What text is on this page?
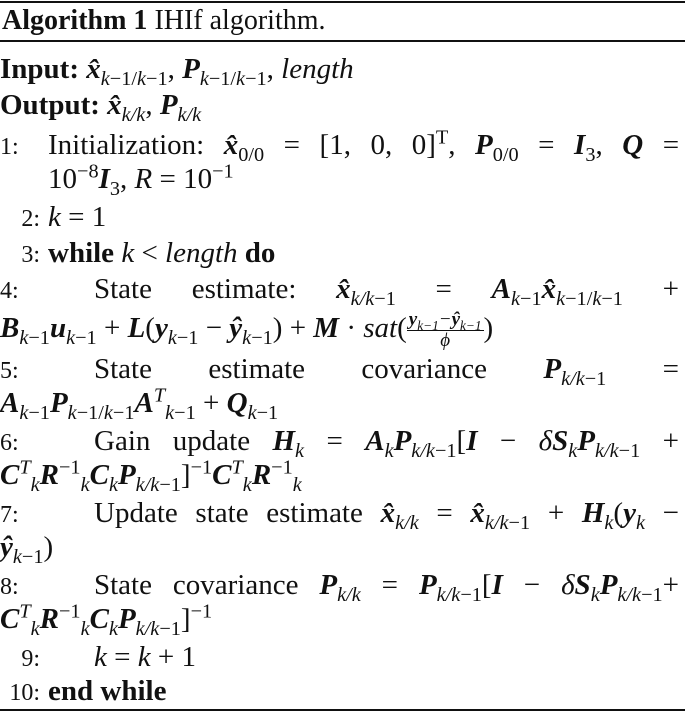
Algorithm 1 IHIf algorithm.
Input: $x̂_{k-1/k-1}$, $P_{k-1/k-1}$, length
Output: $x̂_{k/k}$, $P_{k/k}$
1: Initialization: $x̂_{0/0} = [1$, 0, 0]$^T$, $P_{0/0} = I_3$, Q =
$10^{-8}I_3$, $R = 10^{-1}$
2: k = 1
3: while k < length do
4:	State estimate: $x̂_{k/k-1}$ = $A_{k-1}x̂_{k-1/k-1}$ +
$B_{k-1}u_{k-1} + L(y_{k-1}$ − $ŷ_{k-1}) + M \cdot sat( \frac{y_{k-1}-ŷ_{k-1}}{\phi}$ )
5:	State estimate covariance $P_{k/k-1}$ =
$A_{k-1}P_{k-1/k-1}A^T_{k-1} + Q_{k-1}$
6:	Gain update $H_k = A_kP_{k/k-1}[I - \delta S_kP_{k/k-1}$ +
$C^T_kR^{-1}_kC_kP_{k/k-1}]^{-1}C^T_kR^{-1}_k$
7:	Update state estimate $x̂_{k/k}$ = $x̂_{k/k-1} + H_k(y_k$ −
$ŷ_{k-1}$)
8:	State covariance $P_{k/k} = P_{k/k-1}[I - \delta S_kP_{k/k-1}+$
$C^T_kR^{-1}_kC_kP_{k/k-1}]^{-1}$
9: k = k + 1
10: end while
